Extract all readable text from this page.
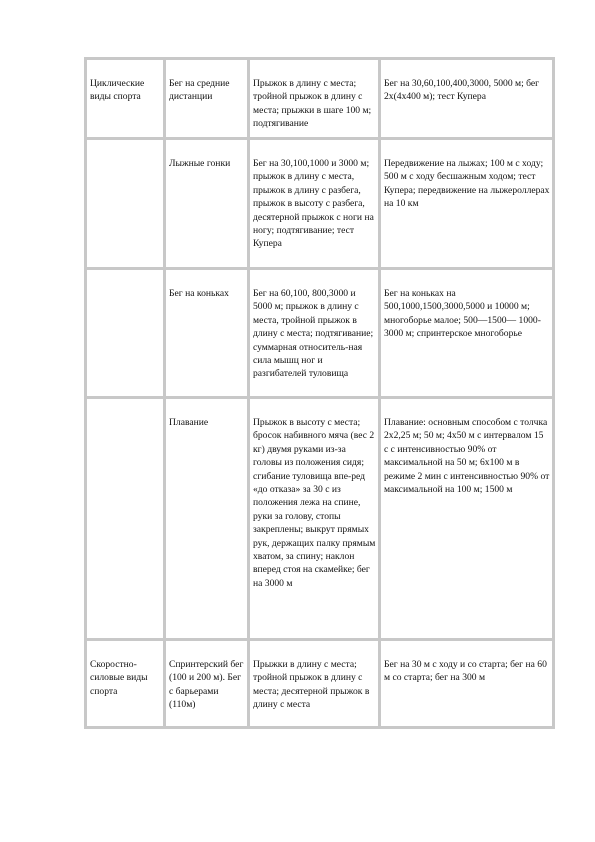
Циклические виды спорта	Бег на средние дистанции	Прыжок в длину с места; тройной прыжок в длину с места; прыжки в шаге 100 м; подтягивание	Бег на 30,60,100,400,3000, 5000 м; бег 2х(4х400 м); тест Купера
	Лыжные гонки	Бег на 30,100,1000 и 3000 м; прыжок в длину с места, прыжок в длину с разбега, прыжок в высоту с разбега, десятерной прыжок с ноги на ногу; подтягивание; тест Купера	Передвижение на лыжах; 100 м с ходу; 500 м с ходу бесшажным ходом; тест Купера; передвижение на лыжероллерах на 10 км
	Бег на коньках	Бег на 60,100, 800,3000 и 5000 м; прыжок в длину с места, тройной прыжок в длину с места; подтягивание; суммарная относитель-ная сила мышц ног и разгибателей туловища	Бег на коньках на 500,1000,1500,3000,5000 и 10000 м; многоборье малое; 500—1500— 1000-3000 м; спринтерское многоборье
	Плавание	Прыжок в высоту с места; бросок набивного мяча (вес 2 кг) двумя руками из-за головы из положения сидя; сгибание туловища впе-ред «до отказа» за 30 с из положения лежа на спине, руки за голову, стопы закреплены; выкрут прямых рук, держащих палку прямым хватом, за спину; наклон вперед стоя на скамейке; бег на 3000 м	Плавание: основным способом с толчка 2х2,25 м; 50 м; 4х50 м с интервалом 15 с с интенсивностью 90% от максимальной на 50 м; 6х100 м в режиме 2 мин с интенсивностью 90% от максимальной на 100 м; 1500 м
Скоростно-силовые виды спорта	Спринтерский бег (100 и 200 м). Бег с барьерами (110м)	Прыжки в длину с места; тройной прыжок в длину с места; десятерной прыжок в длину с места	Бег на 30 м с ходу и со старта; бег на 60 м со старта; бег на 300 м
